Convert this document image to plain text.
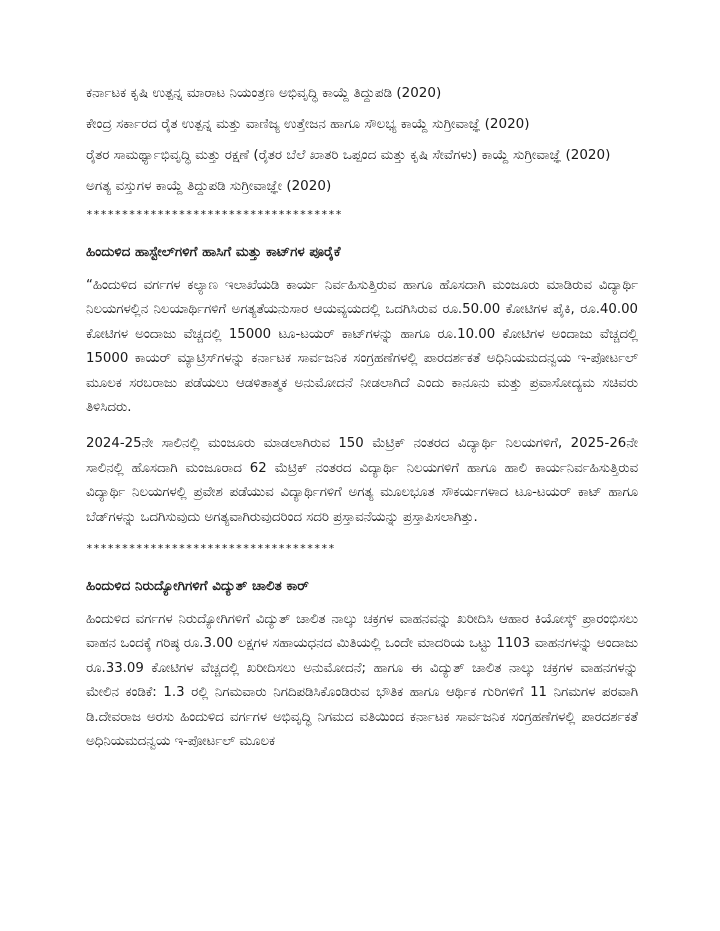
ಕರ್ನಾಟಕ ಕೃಷಿ ಉತ್ಪನ್ನ ಮಾರಾಟ ನಿಯಂತ್ರಣ ಅಭಿವೃದ್ಧಿ ಕಾಯ್ದೆ ತಿದ್ದುಪಡಿ (2020)

ಕೇಂದ್ರ ಸರ್ಕಾರದ ರೈತ ಉತ್ಪನ್ನ ಮತ್ತು ವಾಣಿಜ್ಯ ಉತ್ತೇಜನ ಹಾಗೂ ಸೌಲಭ್ಯ ಕಾಯ್ದೆ ಸುಗ್ರೀವಾಜ್ಞೆ (2020)

ರೈತರ ಸಾಮರ್ಥ್ಯಾಭಿವೃದ್ಧಿ ಮತ್ತು ರಕ್ಷಣೆ (ರೈತರ ಬೆಲೆ ಖಾತರಿ ಒಪ್ಪಂದ ಮತ್ತು ಕೃಷಿ ಸೇವೆಗಳು) ಕಾಯ್ದೆ ಸುಗ್ರೀವಾಜ್ಞೆ (2020)

ಅಗತ್ಯ ವಸ್ತುಗಳ ಕಾಯ್ದೆ ತಿದ್ದುಪಡಿ ಸುಗ್ರೀವಾಜ್ಞೇ (2020)

************************************
ಹಿಂದುಳಿದ ಹಾಸ್ಟೇಲ್‌ಗಳಿಗೆ ಹಾಸಿಗೆ ಮತ್ತು ಕಾಟ್‌ಗಳ ಪೂರೈಕೆ

“ಹಿಂದುಳಿದ ವರ್ಗಗಳ ಕಲ್ಯಾಣ ಇಲಾಖೆಯಡಿ ಕಾರ್ಯ ನಿರ್ವಹಿಸುತ್ತಿರುವ ಹಾಗೂ ಹೊಸದಾಗಿ ಮಂಜೂರು ಮಾಡಿರುವ ವಿದ್ಯಾರ್ಥಿ ನಿಲಯಗಳಲ್ಲಿನ ನಿಲಯಾರ್ಥಿಗಳಿಗೆ ಅಗತ್ಯತೆಯನುಸಾರ ಆಯವ್ಯಯದಲ್ಲಿ ಒದಗಿಸಿರುವ ರೂ.50.00 ಕೋಟಿಗಳ ಪೈಕಿ, ರೂ.40.00 ಕೋಟಿಗಳ ಅಂದಾಜು ವೆಚ್ಚದಲ್ಲಿ 15000 ಟೂ-ಟಯರ್ ಕಾಟ್‌ಗಳನ್ನು ಹಾಗೂ ರೂ.10.00 ಕೋಟಿಗಳ ಅಂದಾಜು ವೆಚ್ಚದಲ್ಲಿ 15000 ಕಾಯರ್ ಮ್ಯಾಟ್ರಿಸ್‌ಗಳನ್ನು ಕರ್ನಾಟಕ ಸಾರ್ವಜನಿಕ ಸಂಗ್ರಹಣೆಗಳಲ್ಲಿ ಪಾರದರ್ಶಕತೆ ಅಧಿನಿಯಮದನ್ವಯ ಇ-ಪೋರ್ಟಲ್ ಮೂಲಕ ಸರಬರಾಜು ಪಡೆಯಲು ಆಡಳಿತಾತ್ಮಕ ಅನುಮೋದನೆ ನೀಡಲಾಗಿದೆ ಎಂದು ಕಾನೂನು ಮತ್ತು ಪ್ರವಾಸೋದ್ಯಮ ಸಚಿವರು ತಿಳಿಸಿದರು.

2024-25ನೇ ಸಾಲಿನಲ್ಲಿ ಮಂಜೂರು ಮಾಡಲಾಗಿರುವ 150 ಮೆಟ್ರಿಕ್ ನಂತರದ ವಿದ್ಯಾರ್ಥಿ ನಿಲಯಗಳಿಗೆ, 2025-26ನೇ ಸಾಲಿನಲ್ಲಿ ಹೊಸದಾಗಿ ಮಂಜೂರಾದ 62 ಮೆಟ್ರಿಕ್ ನಂತರದ ವಿದ್ಯಾರ್ಥಿ ನಿಲಯಗಳಿಗೆ ಹಾಗೂ ಹಾಲಿ ಕಾರ್ಯನಿರ್ವಹಿಸುತ್ತಿರುವ ವಿದ್ಯಾರ್ಥಿ ನಿಲಯಗಳಲ್ಲಿ ಪ್ರವೇಶ ಪಡೆಯುವ ವಿದ್ಯಾರ್ಥಿಗಳಿಗೆ ಅಗತ್ಯ ಮೂಲಭೂತ ಸೌಕರ್ಯಗಳಾದ ಟೂ-ಟಯರ್ ಕಾಟ್ ಹಾಗೂ ಬೆಡ್‌ಗಳನ್ನು ಒದಗಿಸುವುದು ಅಗತ್ಯವಾಗಿರುವುದರಿಂದ ಸದರಿ ಪ್ರಸ್ತಾವನೆಯನ್ನು ಪ್ರಸ್ತಾಪಿಸಲಾಗಿತ್ತು.

***********************************
ಹಿಂದುಳಿದ ನಿರುದ್ಯೋಗಿಗಳಿಗೆ ವಿದ್ಯುತ್ ಚಾಲಿತ ಕಾರ್

ಹಿಂದುಳಿದ ವರ್ಗಗಳ ನಿರುದ್ಯೋಗಿಗಳಿಗೆ ವಿದ್ಯುತ್ ಚಾಲಿತ ನಾಲ್ಕು ಚಕ್ರಗಳ ವಾಹನವನ್ನು ಖರೀದಿಸಿ ಆಹಾರ ಕಿಯೋಸ್ಕ್ ಪ್ರಾರಂಭಿಸಲು ವಾಹನ ಒಂದಕ್ಕೆ ಗರಿಷ್ಠ ರೂ.3.00 ಲಕ್ಷಗಳ ಸಹಾಯಧನದ ಮಿತಿಯಲ್ಲಿ ಒಂದೇ ಮಾದರಿಯ ಒಟ್ಟು 1103 ವಾಹನಗಳನ್ನು ಅಂದಾಜು ರೂ.33.09 ಕೋಟಿಗಳ ವೆಚ್ಚದಲ್ಲಿ ಖರೀದಿಸಲು ಅನುಮೋದನೆ; ಹಾಗೂ ಈ ವಿದ್ಯುತ್ ಚಾಲಿತ ನಾಲ್ಕು ಚಕ್ರಗಳ ವಾಹನಗಳನ್ನು ಮೇಲಿನ ಕಂಡಿಕೆ: 1.3 ರಲ್ಲಿ ನಿಗಮವಾರು ನಿಗದಿಪಡಿಸಿಕೊಂಡಿರುವ ಭೌತಿಕ ಹಾಗೂ ಆರ್ಥಿಕ ಗುರಿಗಳಿಗೆ 11 ನಿಗಮಗಳ ಪರವಾಗಿ ಡಿ.ದೇವರಾಜ ಅರಸು ಹಿಂದುಳಿದ ವರ್ಗಗಳ ಅಭಿವೃದ್ಧಿ ನಿಗಮದ ವತಿಯಿಂದ ಕರ್ನಾಟಕ ಸಾರ್ವಜನಿಕ ಸಂಗ್ರಹಣೆಗಳಲ್ಲಿ ಪಾರದರ್ಶಕತೆ ಅಧಿನಿಯಮದನ್ವಯ ಇ-ಪೋರ್ಟಲ್ ಮೂಲಕ
